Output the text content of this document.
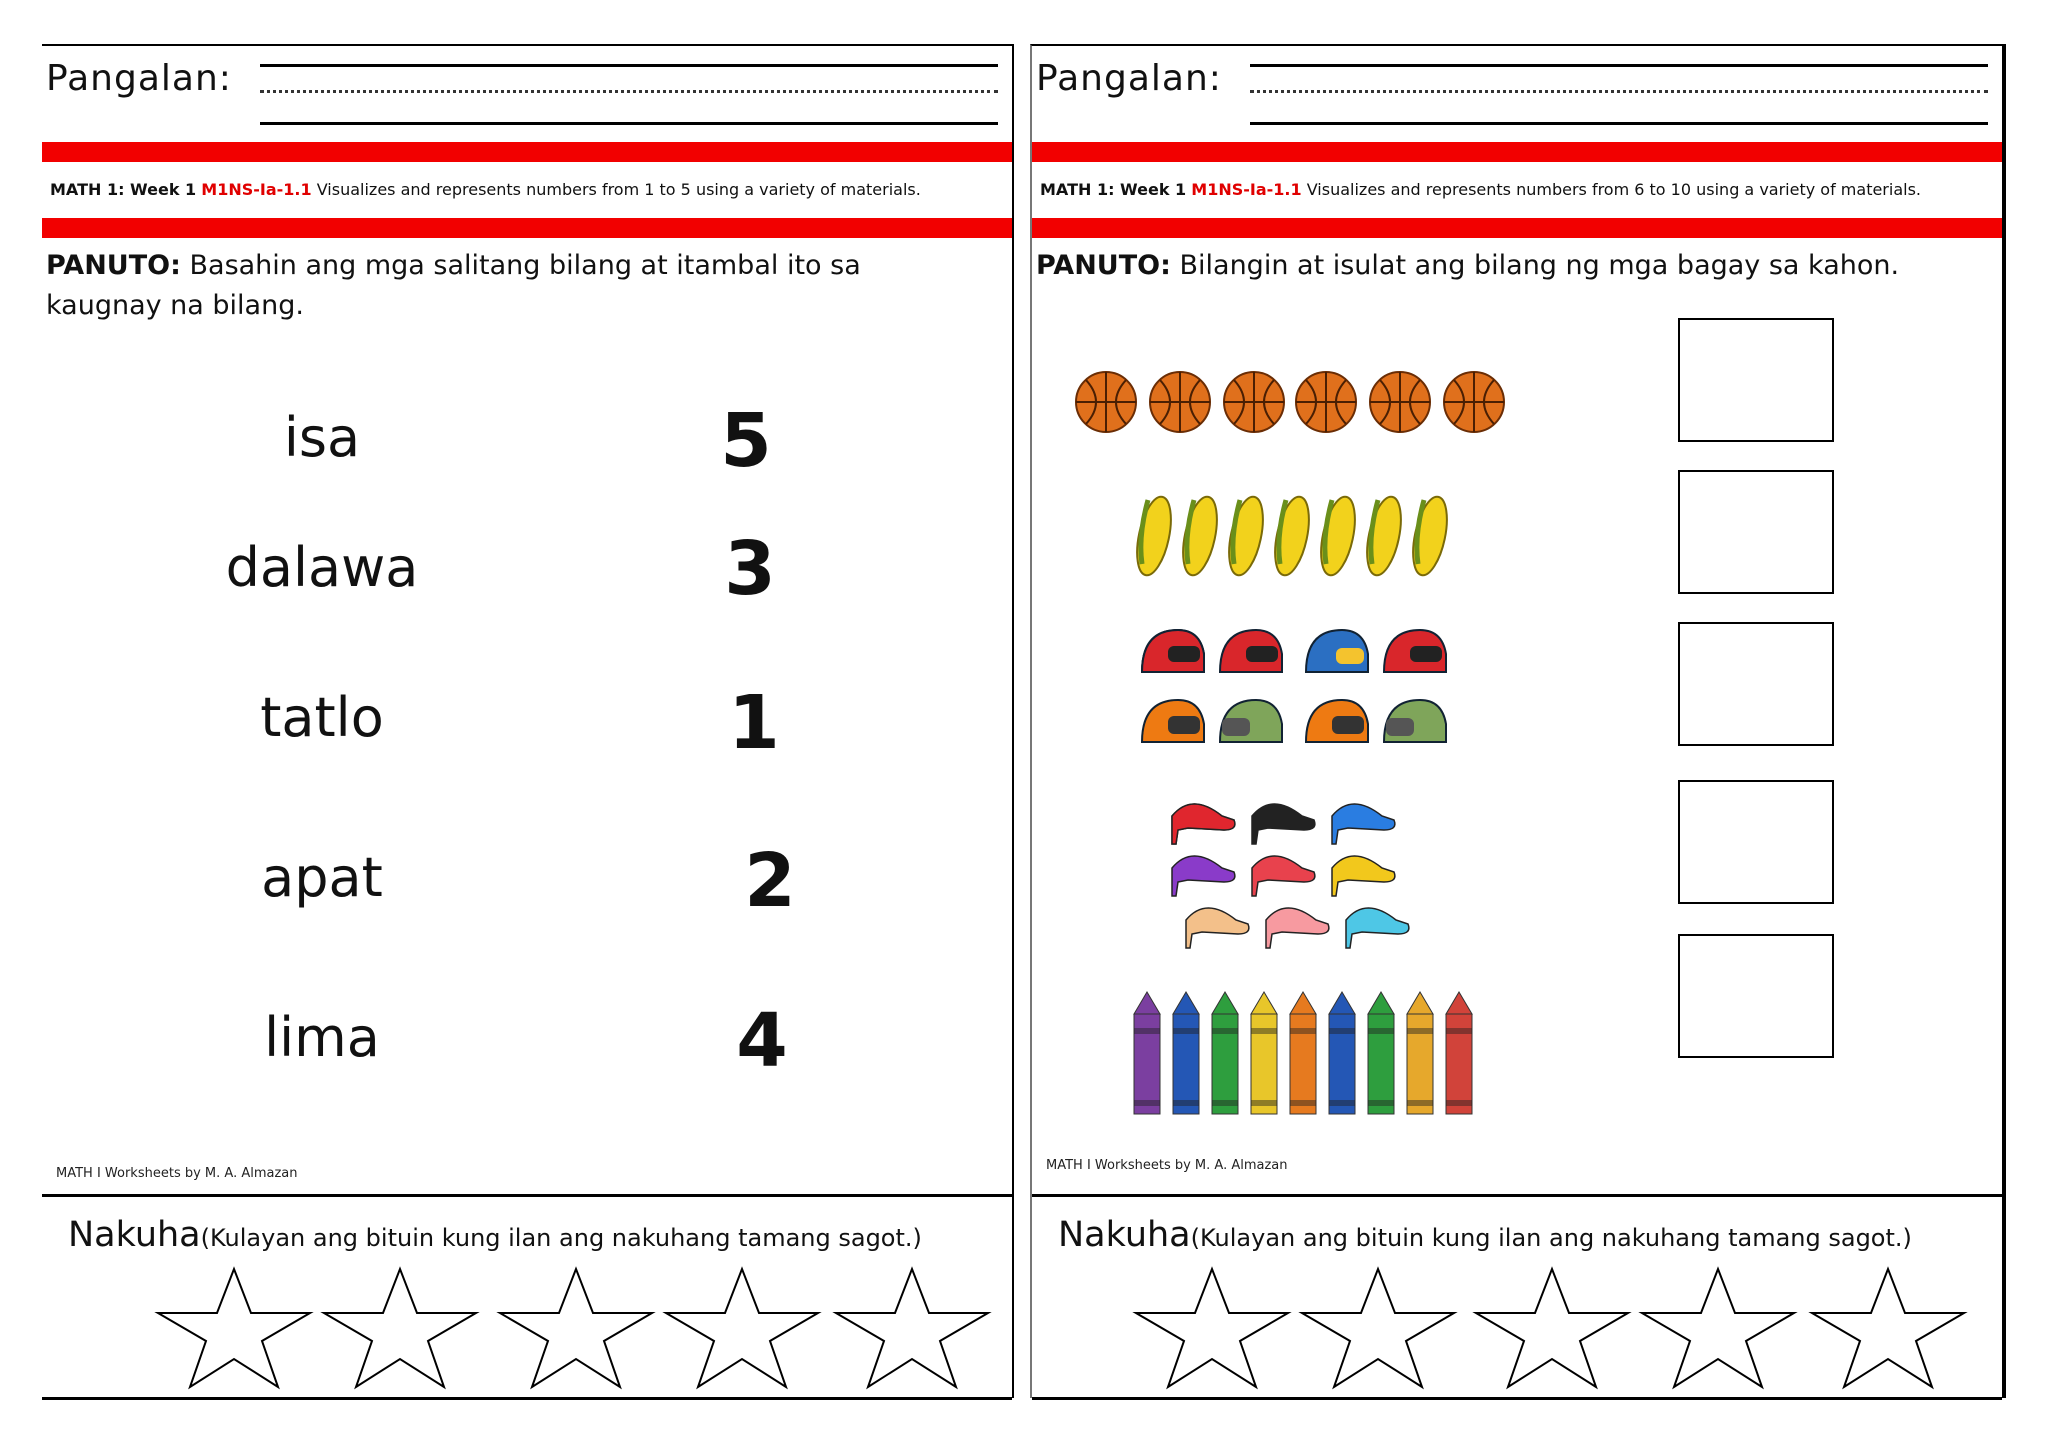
Pangalan:
MATH 1: Week 1 M1NS-Ia-1.1 Visualizes and represents numbers from 1 to 5 using a variety of materials.
PANUTO: Basahin ang mga salitang bilang at itambal ito sa kaugnay na bilang.
isa
dalawa
tatlo
apat
lima
5
3
1
2
4
MATH I Worksheets by M. A. Almazan
Nakuha(Kulayan ang bituin kung ilan ang nakuhang tamang sagot.)
Pangalan:
MATH 1: Week 1 M1NS-Ia-1.1 Visualizes and represents numbers from 6 to 10 using a variety of materials.
PANUTO: Bilangin at isulat ang bilang ng mga bagay sa kahon.
MATH I Worksheets by M. A. Almazan
Nakuha(Kulayan ang bituin kung ilan ang nakuhang tamang sagot.)
